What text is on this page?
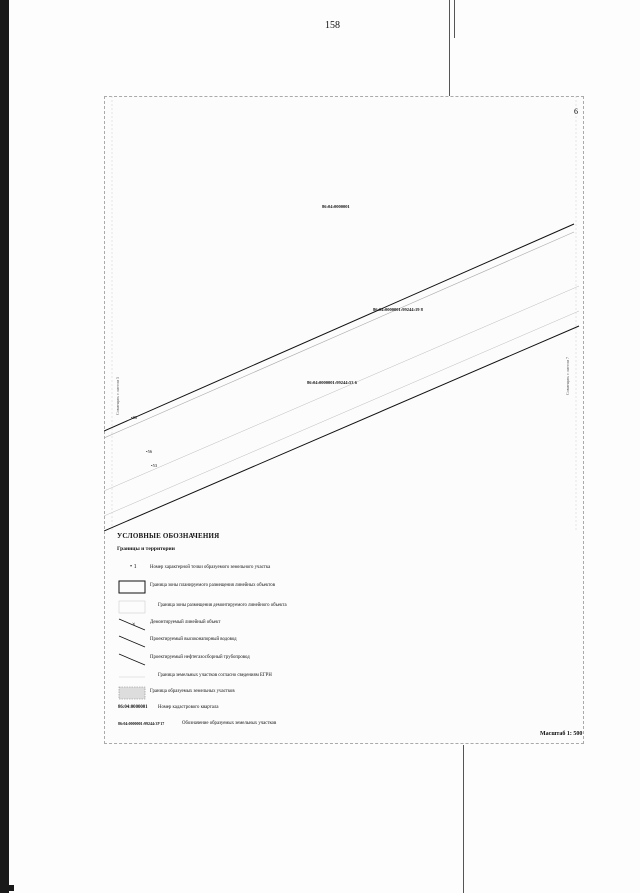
158
6
86:04:0000001
86:04:0000001:99244:19 8
86:04:0000001:99244:53 6
•86
•56
•53
Совмещать с листом 5
Совмещать с листом 7
УСЛОВНЫЕ ОБОЗНАЧЕНИЯ
Границы и территории
• 1	Номер характерной точки образуемого земельного участка
Граница зоны планируемого размещения линейных объектов
Граница зоны размещения демонтируемого линейного объекта
×	Демонтируемый линейный объект
Проектируемый высоконапорный водовод
Проектируемый нефтегазосборный трубопровод
Граница земельных участков согласно сведениям ЕГРН
Граница образуемых земельных участков
86:04:0000001 Номер кадастрового квартала
86:04:0000001:99244:ЗУ17	Обозначение образуемых земельных участков
Масштаб 1: 500
